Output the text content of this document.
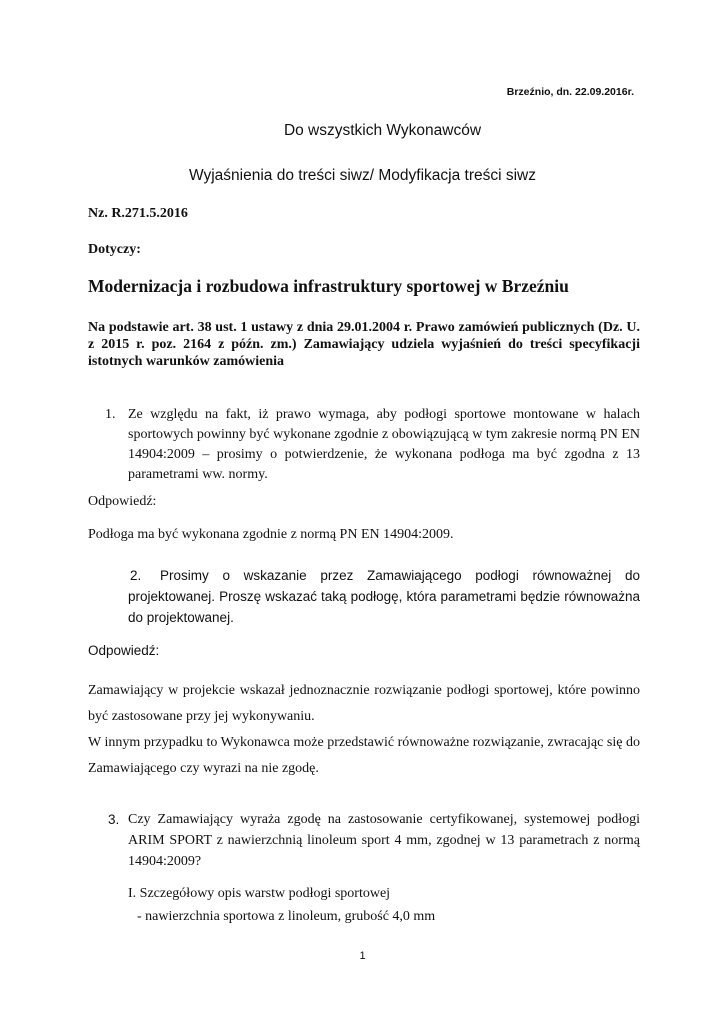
Brzeźnio, dn. 22.09.2016r.
Do wszystkich Wykonawców
Wyjaśnienia do treści siwz/ Modyfikacja treści siwz
Nz. R.271.5.2016
Dotyczy:
Modernizacja i rozbudowa infrastruktury sportowej w Brzeźniu
Na podstawie art. 38 ust. 1 ustawy z dnia 29.01.2004 r. Prawo zamówień publicznych (Dz. U. z 2015 r. poz. 2164 z późn. zm.) Zamawiający udziela wyjaśnień do treści specyfikacji istotnych warunków zamówienia
1. Ze względu na fakt, iż prawo wymaga, aby podłogi sportowe montowane w halach sportowych powinny być wykonane zgodnie z obowiązującą w tym zakresie normą PN EN 14904:2009 – prosimy o potwierdzenie, że wykonana podłoga ma być zgodna z 13 parametrami ww. normy.
Odpowiedź:
Podłoga ma być wykonana zgodnie z normą PN EN 14904:2009.
2. Prosimy o wskazanie przez Zamawiającego podłogi równoważnej do projektowanej. Proszę wskazać taką podłogę, która parametrami będzie równoważna do projektowanej.
Odpowiedź:
Zamawiający w projekcie wskazał jednoznacznie rozwiązanie podłogi sportowej, które powinno być zastosowane przy jej wykonywaniu.
W innym przypadku to Wykonawca może przedstawić równoważne rozwiązanie, zwracając się do Zamawiającego czy wyrazi na nie zgodę.
3. Czy Zamawiający wyraża zgodę na zastosowanie certyfikowanej, systemowej podłogi ARIM SPORT z nawierzchnią linoleum sport 4 mm, zgodnej w 13 parametrach z normą 14904:2009?
I. Szczegółowy opis warstw podłogi sportowej
- nawierzchnia sportowa z linoleum, grubość 4,0 mm
1
